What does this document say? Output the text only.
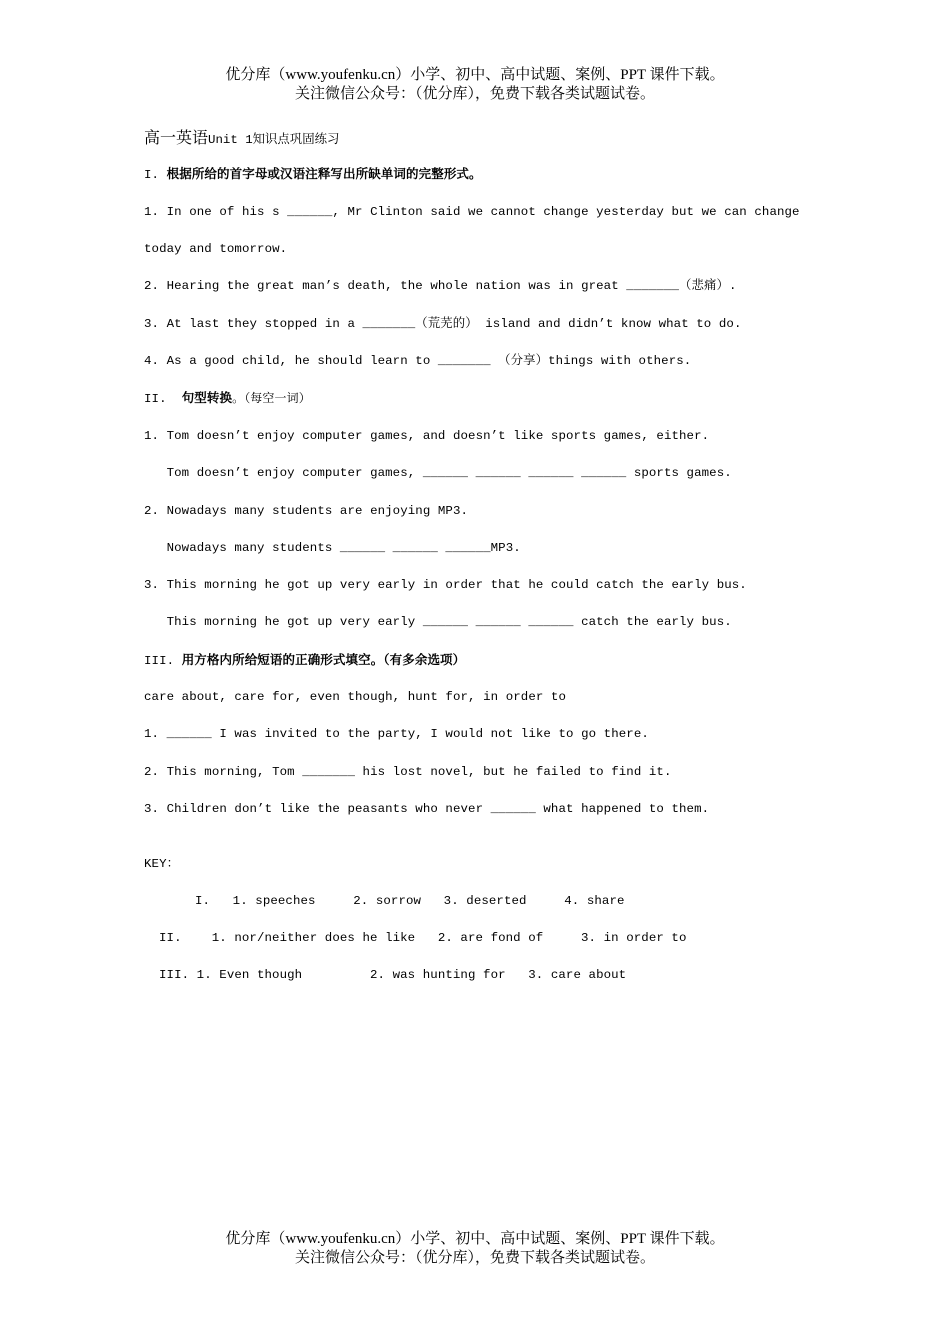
优分库（www.youfenku.cn）小学、初中、高中试题、案例、PPT 课件下载。
关注微信公众号：（优分库），免费下载各类试题试卷。
高一英语Unit 1知识点巩固练习
I. 根据所给的首字母或汉语注释写出所缺单词的完整形式。
1. In one of his s ______, Mr Clinton said we cannot change yesterday but we can change
today and tomorrow.
2. Hearing the great man’s death, the whole nation was in great _______（悲痛）.
3. At last they stopped in a _______（荒芜的） island and didn’t know what to do.
4. As a good child, he should learn to _______ （分享）things with others.
II. 句型转换。（每空一词）
1. Tom doesn’t enjoy computer games, and doesn’t like sports games, either.
Tom doesn’t enjoy computer games, ______ ______ ______ ______ sports games.
2. Nowadays many students are enjoying MP3.
Nowadays many students ______ ______ ______MP3.
3. This morning he got up very early in order that he could catch the early bus.
This morning he got up very early ______ ______ ______ catch the early bus.
III. 用方格内所给短语的正确形式填空。（有多余选项）
care about, care for, even though, hunt for, in order to
1. ______ I was invited to the party, I would not like to go there.
2. This morning, Tom _______ his lost novel, but he failed to find it.
3. Children don’t like the peasants who never ______ what happened to them.
KEY：
I.   1. speeches     2. sorrow   3. deserted     4. share
II.    1. nor/neither does he like   2. are fond of     3. in order to
III. 1. Even though         2. was hunting for   3. care about
优分库（www.youfenku.cn）小学、初中、高中试题、案例、PPT 课件下载。
关注微信公众号：（优分库），免费下载各类试题试卷。
